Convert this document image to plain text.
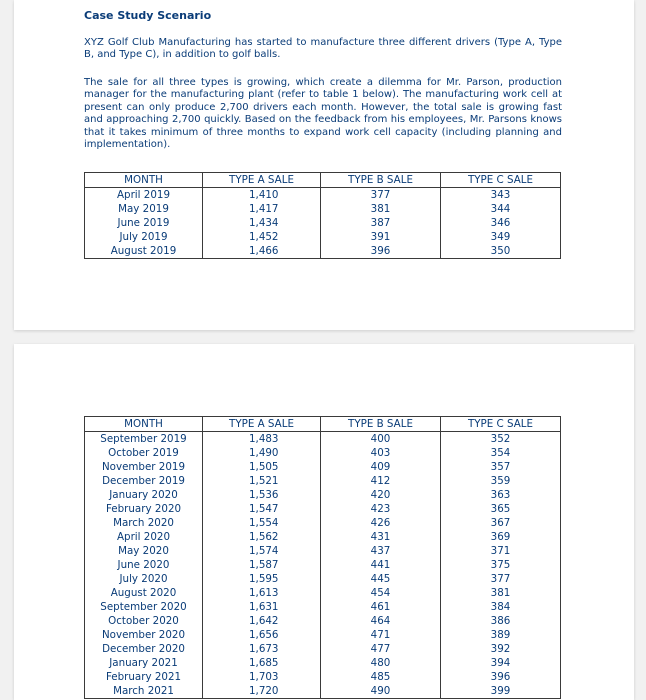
Case Study Scenario

XYZ Golf Club Manufacturing has started to manufacture three different drivers (Type A, Type B, and Type C), in addition to golf balls.

The sale for all three types is growing, which create a dilemma for Mr. Parson, production manager for the manufacturing plant (refer to table 1 below). The manufacturing work cell at present can only produce 2,700 drivers each month. However, the total sale is growing fast and approaching 2,700 quickly. Based on the feedback from his employees, Mr. Parsons knows that it takes minimum of three months to expand work cell capacity (including planning and implementation).

MONTH	TYPE A SALE	TYPE B SALE	TYPE C SALE
April 2019	1,410	377	343
May 2019	1,417	381	344
June 2019	1,434	387	346
July 2019	1,452	391	349
August 2019	1,466	396	350
MONTH	TYPE A SALE	TYPE B SALE	TYPE C SALE
September 2019	1,483	400	352
October 2019	1,490	403	354
November 2019	1,505	409	357
December 2019	1,521	412	359
January 2020	1,536	420	363
February 2020	1,547	423	365
March 2020	1,554	426	367
April 2020	1,562	431	369
May 2020	1,574	437	371
June 2020	1,587	441	375
July 2020	1,595	445	377
August 2020	1,613	454	381
September 2020	1,631	461	384
October 2020	1,642	464	386
November 2020	1,656	471	389
December 2020	1,673	477	392
January 2021	1,685	480	394
February 2021	1,703	485	396
March 2021	1,720	490	399
